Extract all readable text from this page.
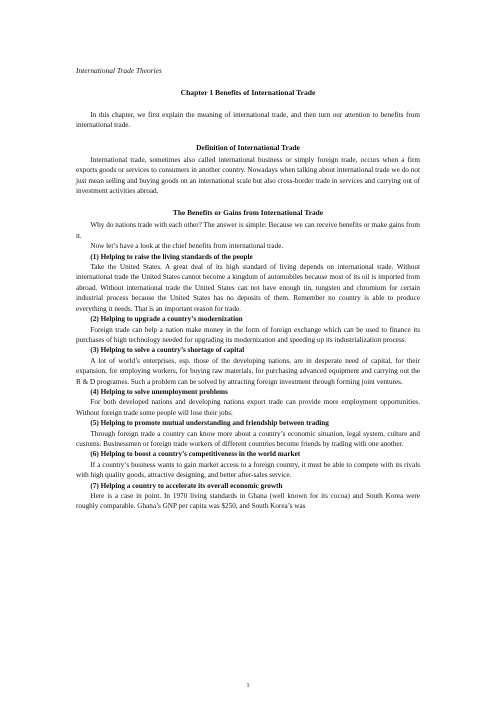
International Trade Theories
Chapter 1 Benefits of International Trade

In this chapter, we first explain the meaning of international trade, and then turn our attention to benefits from international trade.

Definition of International Trade

International trade, sometimes also called international business or simply foreign trade, occurs when a firm exports goods or services to consumers in another country. Nowadays when talking about international trade we do not just mean selling and buying goods on an international scale but also cross-border trade in services and carrying out of investment activities abroad.

The Benefits or Gains from International Trade

Why do nations trade with each other? The answer is simple: Because we can receive benefits or make gains from it.

Now let’s have a look at the chief benefits from international trade.

(1) Helping to raise the living standards of the people

Take the United States. A great deal of its high standard of living depends on international trade. Without international trade the United States cannot become a kingdom of automobiles because most of its oil is imported from abroad. Without international trade the United States can not have enough tin, tungsten and chromium for certain industrial process because the United States has no deposits of them. Remember no country is able to produce everything it needs. That is an important reason for trade.

(2) Helping to upgrade a country’s modernization

Foreign trade can help a nation make money in the form of foreign exchange which can be used to finance its purchases of high technology needed for upgrading its modernization and speeding up its industrialization process.

(3) Helping to solve a country’s shortage of capital

A lot of world’s enterprises, esp. those of the developing nations, are in desperate need of capital, for their expansion, for employing workers, for buying raw materials, for purchasing advanced equipment and carrying out the R & D programes. Such a problem can be solved by attracting foreign investment through forming joint ventures.

(4) Helping to solve unemployment problems

For both developed nations and developing nations export trade can provide more employment opportunities. Without foreign trade some people will lose their jobs.

(5) Helping to promote mutual understanding and friendship between trading

Through foreign trade a country can know more about a country’s economic situation, legal system, culture and customs. Businessmen or foreign trade workers of different countries become friends by trading with one another.

(6) Helping to boost a country’s competitiveness in the world market

If a country’s business wants to gain market access to a foreign country, it must be able to compete with its rivals with high quality goods, attractive designing, and better after-sales service.

(7) Helping a country to accelerate its overall economic growth

Here is a case in point. In 1970 living standards in Ghana (well known for its cocoa) and South Korea were roughly comparable. Ghana’s GNP per capita was $250, and South Korea’s was

1
